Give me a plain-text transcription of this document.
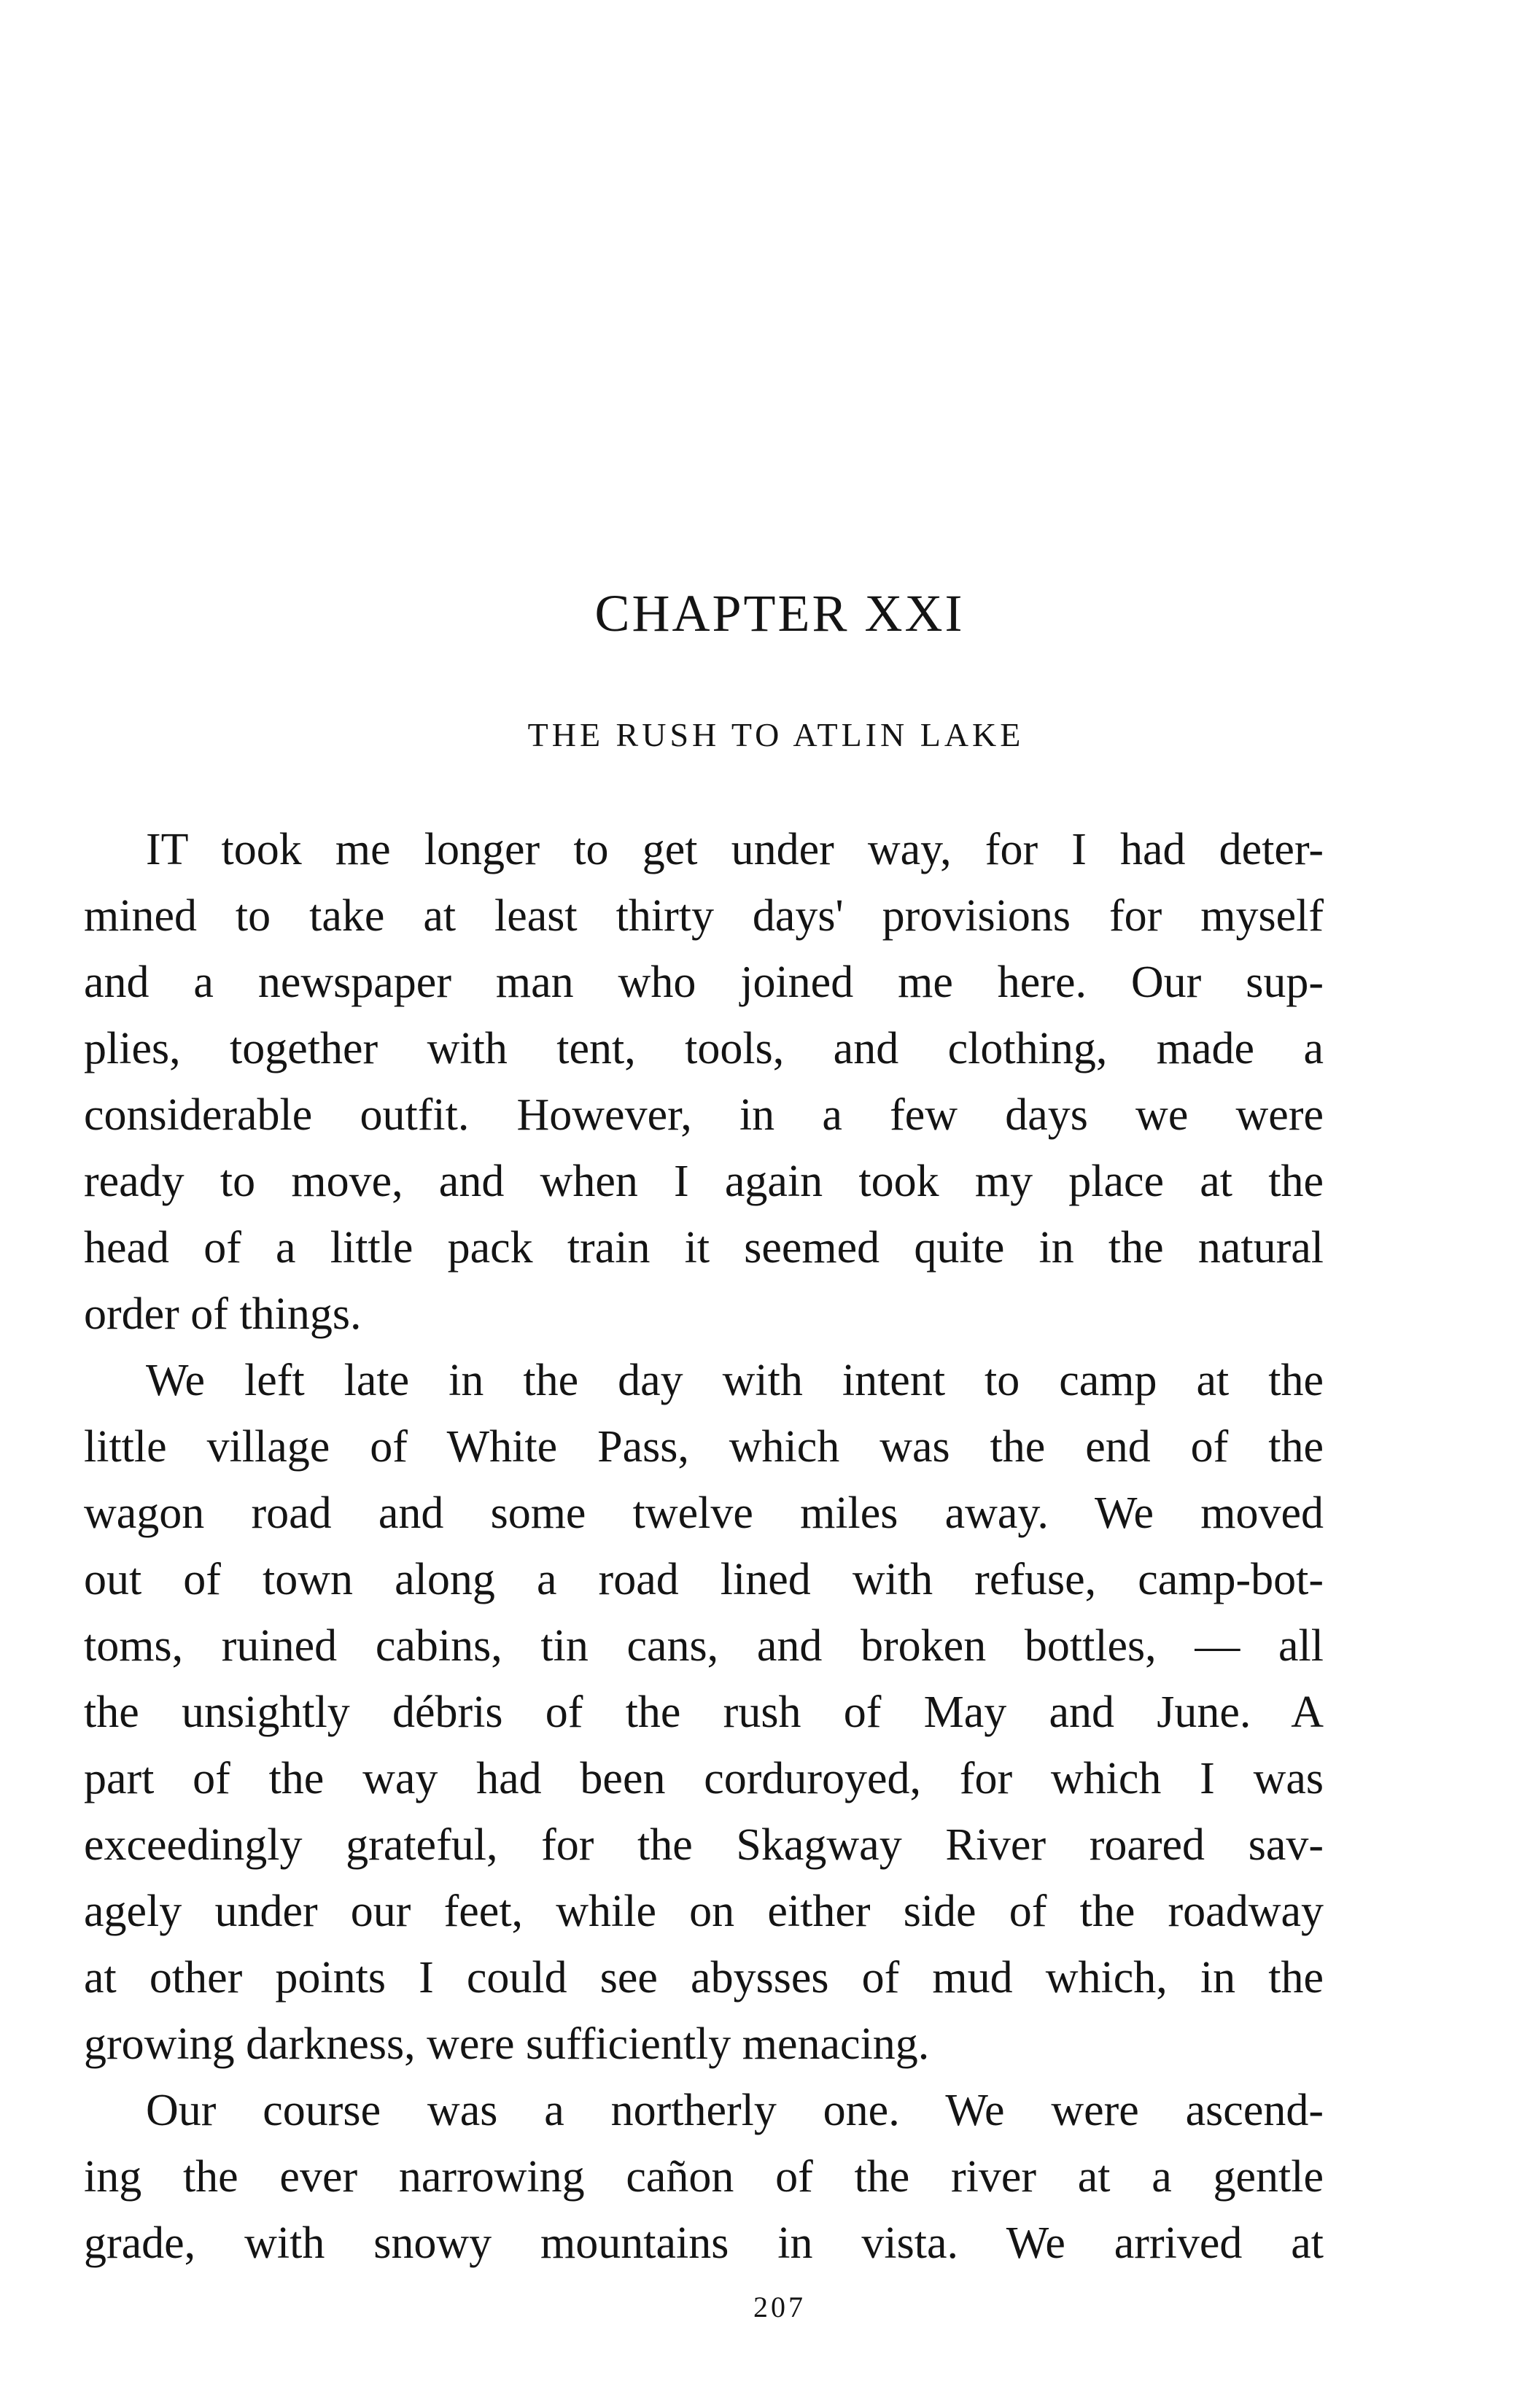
CHAPTER XXI
THE RUSH TO ATLIN LAKE
IT took me longer to get under way, for I had deter-
mined to take at least thirty days' provisions for myself
and a newspaper man who joined me here. Our sup-
plies, together with tent, tools, and clothing, made a
considerable outfit. However, in a few days we were
ready to move, and when I again took my place at the
head of a little pack train it seemed quite in the natural
order of things.
We left late in the day with intent to camp at the
little village of White Pass, which was the end of the
wagon road and some twelve miles away. We moved
out of town along a road lined with refuse, camp-bot-
toms, ruined cabins, tin cans, and broken bottles, — all
the unsightly débris of the rush of May and June. A
part of the way had been corduroyed, for which I was
exceedingly grateful, for the Skagway River roared sav-
agely under our feet, while on either side of the roadway
at other points I could see abysses of mud which, in the
growing darkness, were sufficiently menacing.
Our course was a northerly one. We were ascend-
ing the ever narrowing cañon of the river at a gentle
grade, with snowy mountains in vista. We arrived at
207
